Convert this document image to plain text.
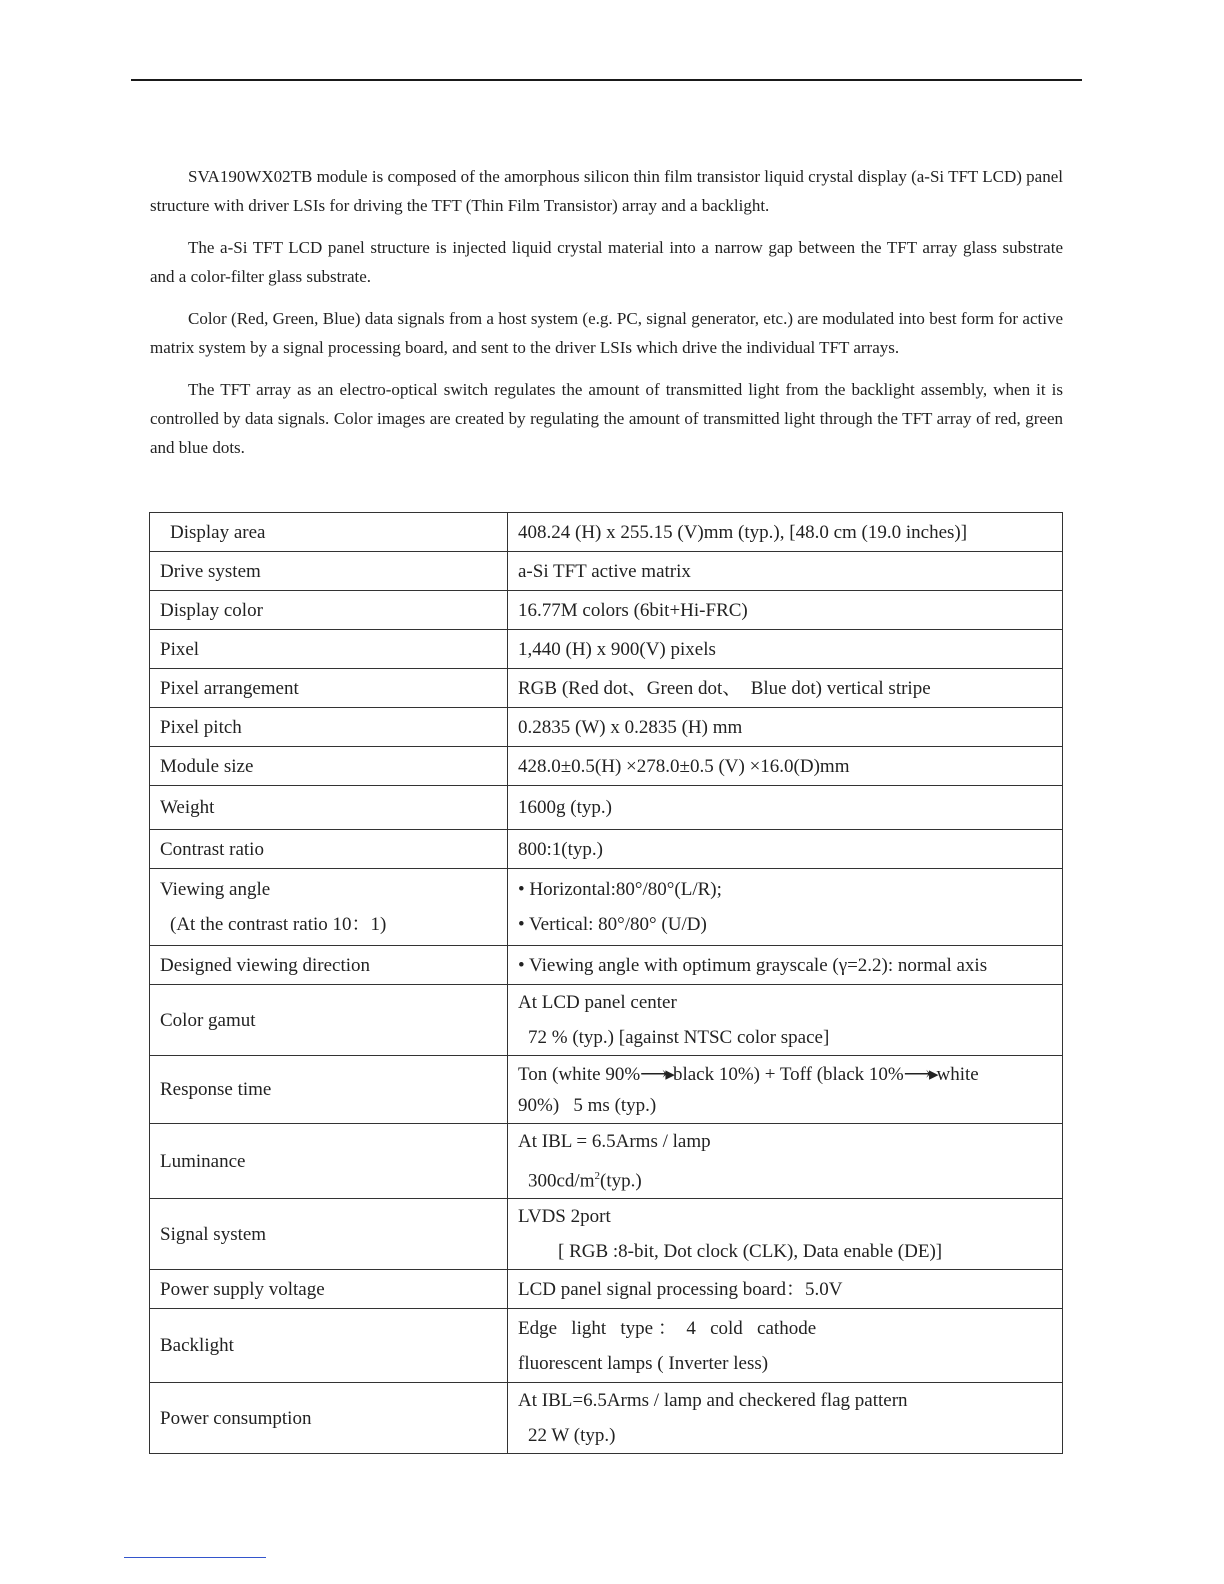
SVA190WX02TB module is composed of the amorphous silicon thin film transistor liquid crystal display (a-Si TFT LCD) panel structure with driver LSIs for driving the TFT (Thin Film Transistor) array and a backlight.

The a-Si TFT LCD panel structure is injected liquid crystal material into a narrow gap between the TFT array glass substrate and a color-filter glass substrate.

Color (Red, Green, Blue) data signals from a host system (e.g. PC, signal generator, etc.) are modulated into best form for active matrix system by a signal processing board, and sent to the driver LSIs which drive the individual TFT arrays.

The TFT array as an electro-optical switch regulates the amount of transmitted light from the backlight assembly, when it is controlled by data signals. Color images are created by regulating the amount of transmitted light through the TFT array of red, green and blue dots.

Display area	408.24 (H) x 255.15 (V)mm (typ.), [48.0 cm (19.0 inches)]
Drive system	a-Si TFT active matrix
Display color	16.77M colors (6bit+Hi-FRC)
Pixel	1,440 (H) x 900(V) pixels
Pixel arrangement	RGB (Red dot、Green dot、  Blue dot) vertical stripe
Pixel pitch	0.2835 (W) x 0.2835 (H) mm
Module size	428.0±0.5(H) ×278.0±0.5 (V) ×16.0(D)mm
Weight	1600g (typ.)
Contrast ratio	800:1(typ.)

Viewing angle
(At the contrast ratio 10：1)	• Horizontal:80°/80°(L/R);
• Vertical: 80°/80° (U/D)

Designed viewing direction	• Viewing angle with optimum grayscale (γ=2.2): normal axis
Color gamut	At LCD panel center
72 % (typ.) [against NTSC color space]

Response time	Ton (white 90%⟶▸black 10%) + Toff (black 10%⟶▸white
90%)   5 ms (typ.)

Luminance	At IBL = 6.5Arms / lamp
$300cd/m^2(typ.)$

Signal system	LVDS 2port
[ RGB :8-bit, Dot clock (CLK), Data enable (DE)]

Power supply voltage	LCD panel signal processing board：5.0V
Backlight	Edge   light   type ：  4   cold   cathode
fluorescent lamps ( Inverter less)

Power consumption	At IBL=6.5Arms / lamp and checkered flag pattern
22 W (typ.)
